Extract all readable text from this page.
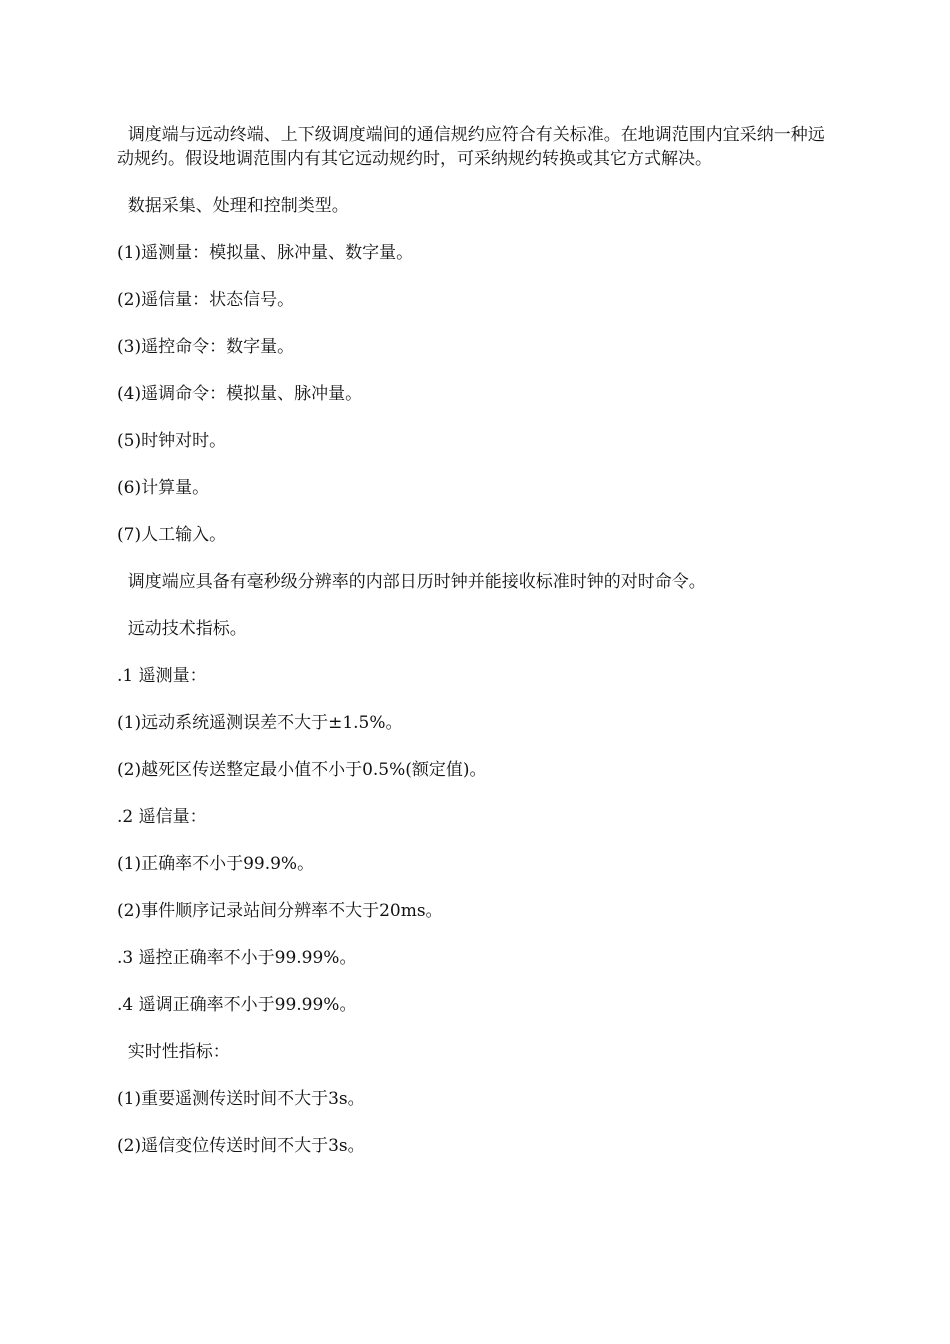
调度端与远动终端、上下级调度端间的通信规约应符合有关标准。在地调范围内宜采纳一种远动规约。假设地调范围内有其它远动规约时，可采纳规约转换或其它方式解决。

数据采集、处理和控制类型。

(1)遥测量：模拟量、脉冲量、数字量。

(2)遥信量：状态信号。

(3)遥控命令：数字量。

(4)遥调命令：模拟量、脉冲量。

(5)时钟对时。

(6)计算量。

(7)人工输入。

调度端应具备有毫秒级分辨率的内部日历时钟并能接收标准时钟的对时命令。

远动技术指标。

.1 遥测量：

(1)远动系统遥测误差不大于±1.5%。

(2)越死区传送整定最小值不小于0.5%(额定值)。

.2 遥信量：

(1)正确率不小于99.9%。

(2)事件顺序记录站间分辨率不大于20ms。

.3 遥控正确率不小于99.99%。

.4 遥调正确率不小于99.99%。

实时性指标：

(1)重要遥测传送时间不大于3s。

(2)遥信变位传送时间不大于3s。
